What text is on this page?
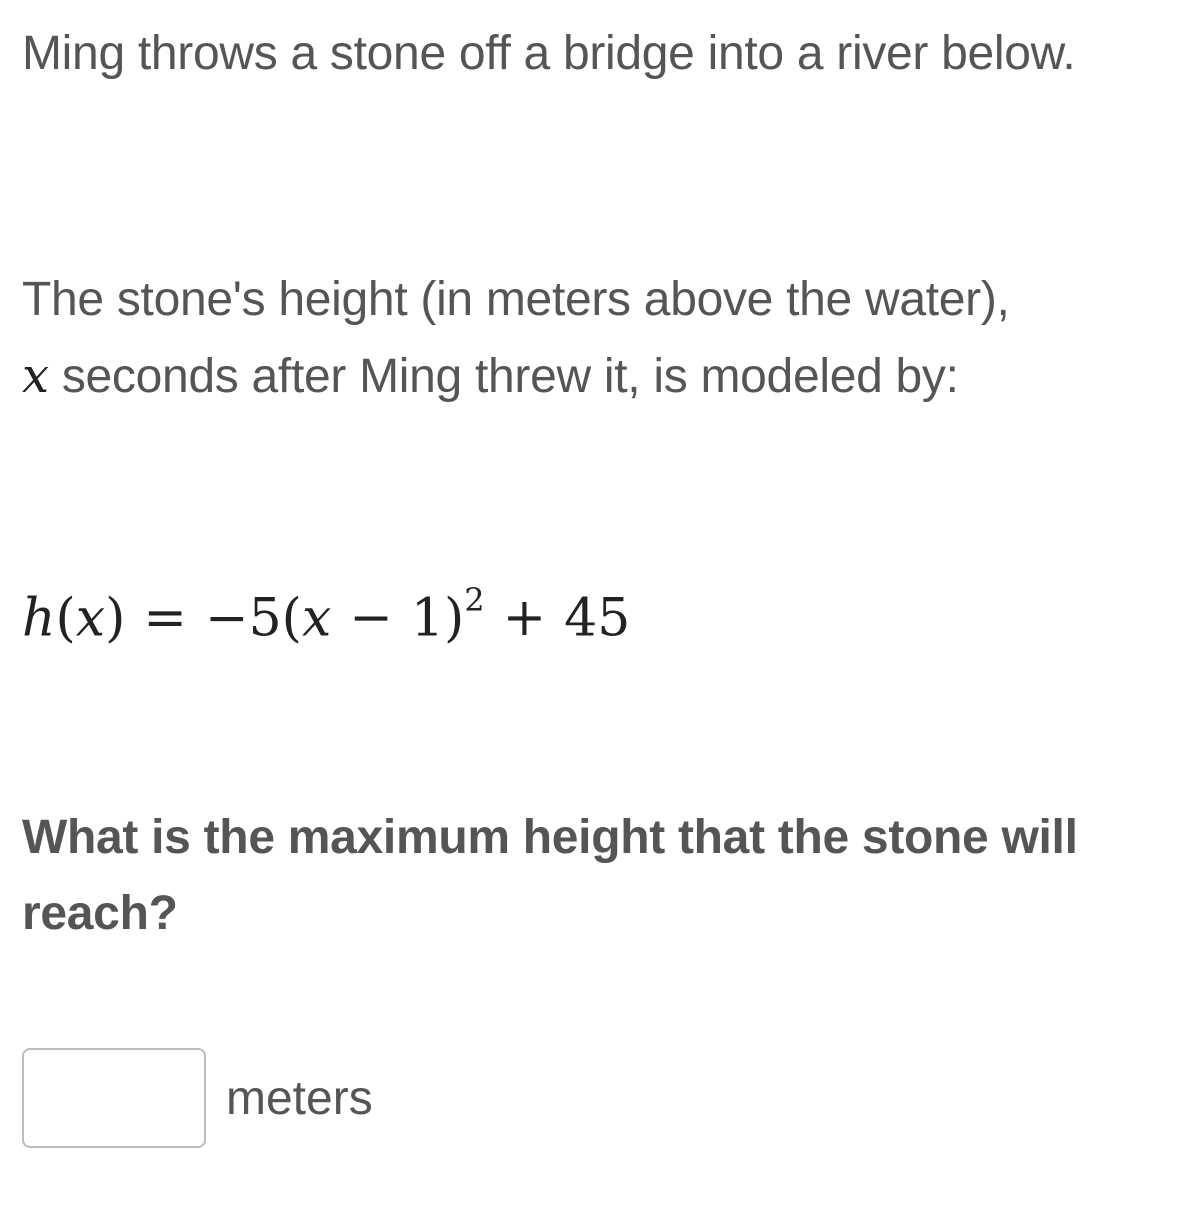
Ming throws a stone off a bridge into a river below.

The stone's height (in meters above the water),
x seconds after Ming threw it, is modeled by:

$h(x) = -5(x - 1)^2 + 45$

What is the maximum height that the stone will reach?

meters
